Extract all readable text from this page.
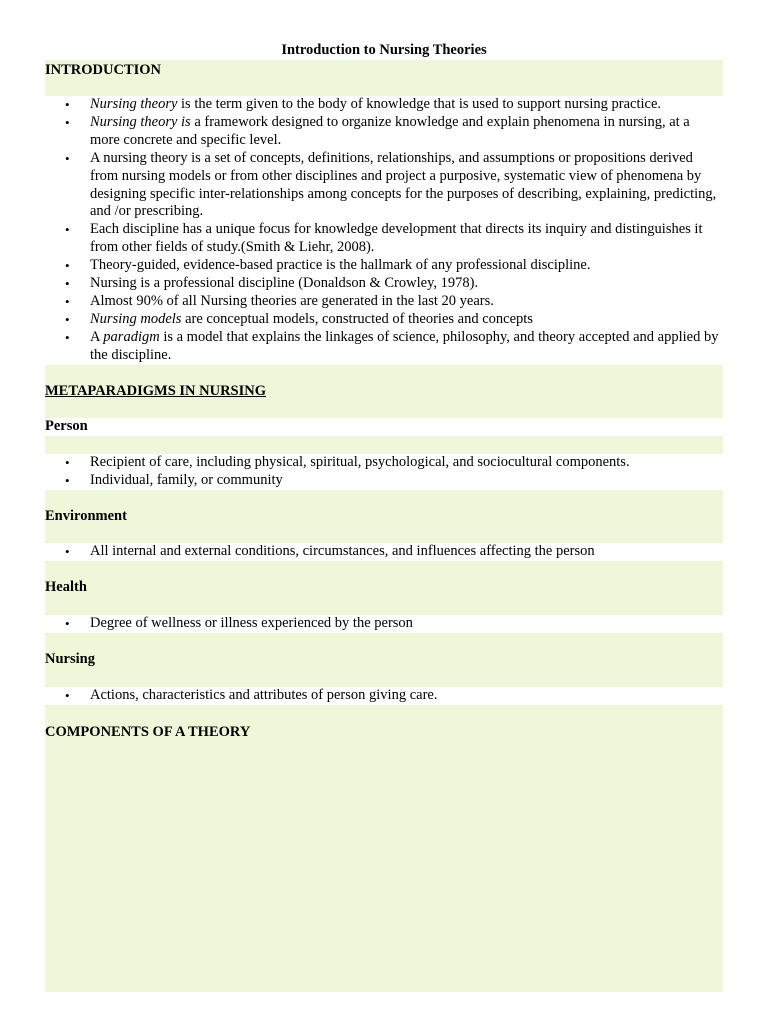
Introduction to Nursing Theories
INTRODUCTION
• Nursing theory is the term given to the body of knowledge that is used to support nursing practice.
• Nursing theory is a framework designed to organize knowledge and explain phenomena in nursing, at a more concrete and specific level.
• A nursing theory is a set of concepts, definitions, relationships, and assumptions or propositions derived from nursing models or from other disciplines and project a purposive, systematic view of phenomena by designing specific inter-relationships among concepts for the purposes of describing, explaining, predicting, and /or prescribing.
• Each discipline has a unique focus for knowledge development that directs its inquiry and distinguishes it from other fields of study.(Smith & Liehr, 2008).
• Theory-guided, evidence-based practice is the hallmark of any professional discipline.
• Nursing is a professional discipline (Donaldson & Crowley, 1978).
• Almost 90% of all Nursing theories are generated in the last 20 years.
• Nursing models are conceptual models, constructed of theories and concepts
• A paradigm is a model that explains the linkages of science, philosophy, and theory accepted and applied by the discipline.
METAPARADIGMS IN NURSING
Person
• Recipient of care, including physical, spiritual, psychological, and sociocultural components.
• Individual, family, or community
Environment
• All internal and external conditions, circumstances, and influences affecting the person
Health
• Degree of wellness or illness experienced by the person
Nursing
• Actions, characteristics and attributes of person giving care.
COMPONENTS OF A THEORY
